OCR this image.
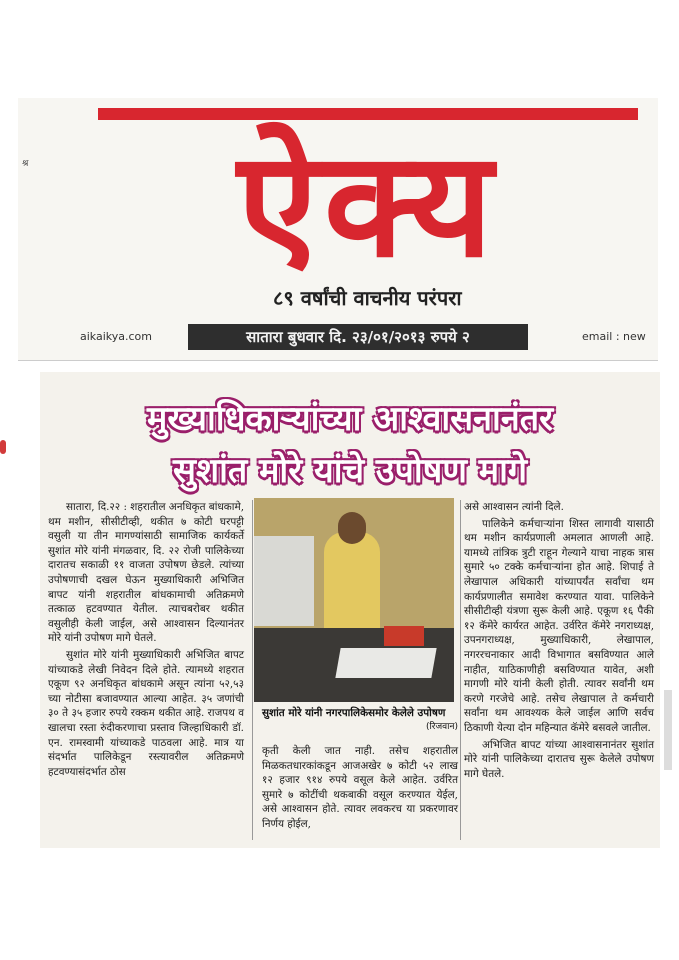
श्र	ऐक्य
८९ वर्षांची वाचनीय परंपरा
aikaikya.com	सातारा बुधवार दि. २३/०१/२०१३ रुपये २	email : new
मुख्याधिकाऱ्यांच्या आश्वासनानंतर
सुशांत मोरे यांचे उपोषण मागे

सातारा, दि.२२ : शहरातील अनधिकृत बांधकामे, थम मशीन, सीसीटीव्ही, थकीत ७ कोटी घरपट्टी वसुली या तीन मागण्यांसाठी सामाजिक कार्यकर्ते सुशांत मोरे यांनी मंगळवार, दि. २२ रोजी पालिकेच्या दारातच सकाळी ११ वाजता उपोषण छेडले. त्यांच्या उपोषणाची दखल घेऊन मुख्याधिकारी अभिजित बापट यांनी शहरातील बांधकामाची अतिक्रमणे तत्काळ हटवण्यात येतील. त्याचबरोबर थकीत वसुलीही केली जाईल, असे आश्वासन दिल्यानंतर मोरे यांनी उपोषण मागे घेतले.

सुशांत मोरे यांनी मुख्याधिकारी अभिजित बापट यांच्याकडे लेखी निवेदन दिले होते. त्यामध्ये शहरात एकूण ९२ अनधिकृत बांधकामे असून त्यांना ५२,५३ च्या नोटीसा बजावण्यात आल्या आहेत. ३५ जणांची ३० ते ३५ हजार रुपये रक्कम थकीत आहे. राजपथ व खालचा रस्ता रुंदीकरणाचा प्रस्ताव जिल्हाधिकारी डॉ. एन. रामस्वामी यांच्याकडे पाठवला आहे. मात्र या संदर्भात पालिकेडून रस्त्यावरील अतिक्रमणे हटवण्यासंदर्भात ठोस

सुशांत मोरे यांनी नगरपालिकेसमोर केलेले उपोषण
(रिजवान)

कृती केली जात नाही. तसेच शहरातील मिळकतधारकांकडून आजअखेर ७ कोटी ५२ लाख १२ हजार ९१४ रुपये वसूल केले आहेत. उर्वरित सुमारे ७ कोटींची थकबाकी वसूल करण्यात येईल, असे आश्वासन होते. त्यावर लवकरच या प्रकरणावर निर्णय होईल,

असे आश्वासन त्यांनी दिले.

पालिकेने कर्मचाऱ्यांना शिस्त लागावी यासाठी थम मशीन कार्यप्रणाली अमलात आणली आहे. यामध्ये तांत्रिक त्रुटी राहून गेल्याने याचा नाहक त्रास सुमारे ५० टक्के कर्मचाऱ्यांना होत आहे. शिपाई ते लेखापाल अधिकारी यांच्यापर्यंत सर्वांचा थम कार्यप्रणालीत समावेश करण्यात यावा. पालिकेने सीसीटीव्ही यंत्रणा सुरू केली आहे. एकूण १६ पैकी १२ कॅमेरे कार्यरत आहेत. उर्वरित कॅमेरे नगराध्यक्ष, उपनगराध्यक्ष, मुख्याधिकारी, लेखापाल, नगररचनाकार आदी विभागात बसविण्यात आले नाहीत, याठिकाणीही बसविण्यात यावेत, अशी मागणी मोरे यांनी केली होती. त्यावर सर्वांनी थम करणे गरजेचे आहे. तसेच लेखापाल ते कर्मचारी सर्वांना थम आवश्यक केले जाईल आणि सर्वच ठिकाणी येत्या दोन महिन्यात कॅमेरे बसवले जातील.

अभिजित बापट यांच्या आश्वासनानंतर सुशांत मोरे यांनी पालिकेच्या दारातच सुरू केलेले उपोषण मागे घेतले.
